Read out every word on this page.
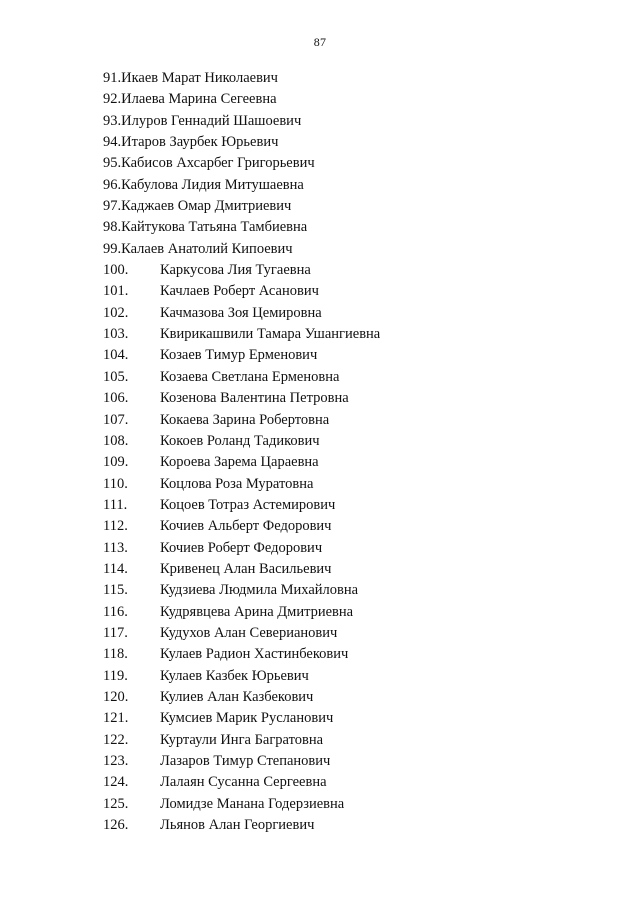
87
91.Икаев Марат Николаевич
92.Илаева Марина Сегеевна
93.Илуров Геннадий Шашоевич
94.Итаров Заурбек Юрьевич
95.Кабисов Ахсарбег Григорьевич
96.Кабулова Лидия Митушаевна
97.Каджаев Омар Дмитриевич
98.Кайтукова Татьяна Тамбиевна
99.Калаев Анатолий Кипоевич
100. Каркусова Лия Тугаевна
101. Качлаев Роберт Асанович
102. Качмазова Зоя Цемировна
103. Квирикашвили Тамара Ушангиевна
104. Козаев Тимур Ерменович
105. Козаева Светлана Ерменовна
106. Козенова Валентина Петровна
107. Кокаева Зарина Робертовна
108. Кокоев Роланд Тадикович
109. Короева Зарема Цараевна
110. Коцлова Роза Муратовна
111. Коцоев Тотраз Астемирович
112. Кочиев Альберт Федорович
113. Кочиев Роберт Федорович
114. Кривенец Алан Васильевич
115. Кудзиева Людмила Михайловна
116. Кудрявцева Арина Дмитриевна
117. Кудухов Алан Северианович
118. Кулаев Радион Хастинбекович
119. Кулаев Казбек Юрьевич
120. Кулиев Алан Казбекович
121. Кумсиев Марик Русланович
122. Куртаули Инга Багратовна
123. Лазаров Тимур Степанович
124. Лалаян Сусанна Сергеевна
125. Ломидзе Манана Годерзиевна
126. Льянов Алан Георгиевич
